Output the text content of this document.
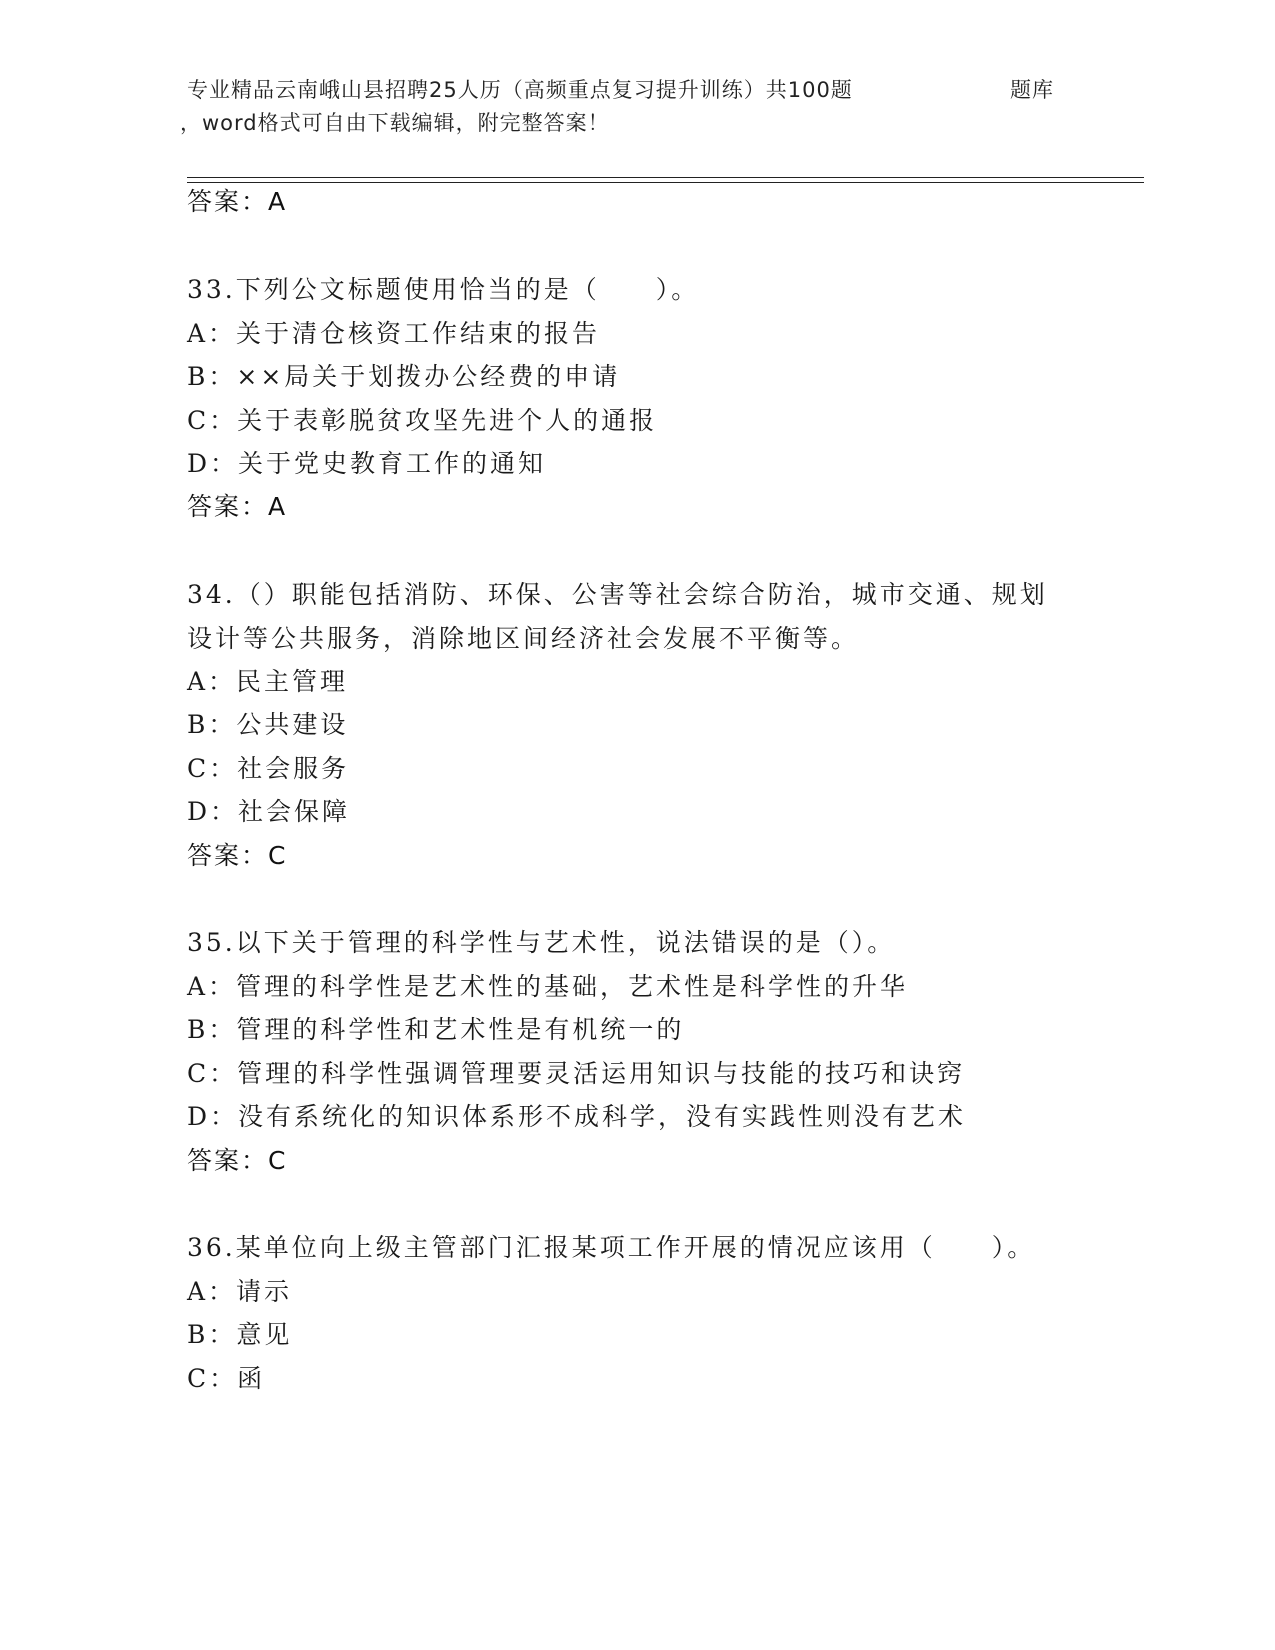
专业精品云南峨山县招聘25人历（高频重点复习提升训练）共100题	题库
，word格式可自由下载编辑，附完整答案！
答案：A
33.下列公文标题使用恰当的是（　　）。
A：关于清仓核资工作结束的报告
B：××局关于划拨办公经费的申请
C：关于表彰脱贫攻坚先进个人的通报
D：关于党史教育工作的通知
答案：A
34.（）职能包括消防、环保、公害等社会综合防治，城市交通、规划
设计等公共服务，消除地区间经济社会发展不平衡等。
A：民主管理
B：公共建设
C：社会服务
D：社会保障
答案：C
35.以下关于管理的科学性与艺术性，说法错误的是（）。
A：管理的科学性是艺术性的基础，艺术性是科学性的升华
B：管理的科学性和艺术性是有机统一的
C：管理的科学性强调管理要灵活运用知识与技能的技巧和诀窍
D：没有系统化的知识体系形不成科学，没有实践性则没有艺术
答案：C
36.某单位向上级主管部门汇报某项工作开展的情况应该用（　　）。
A：请示
B：意见
C：函
